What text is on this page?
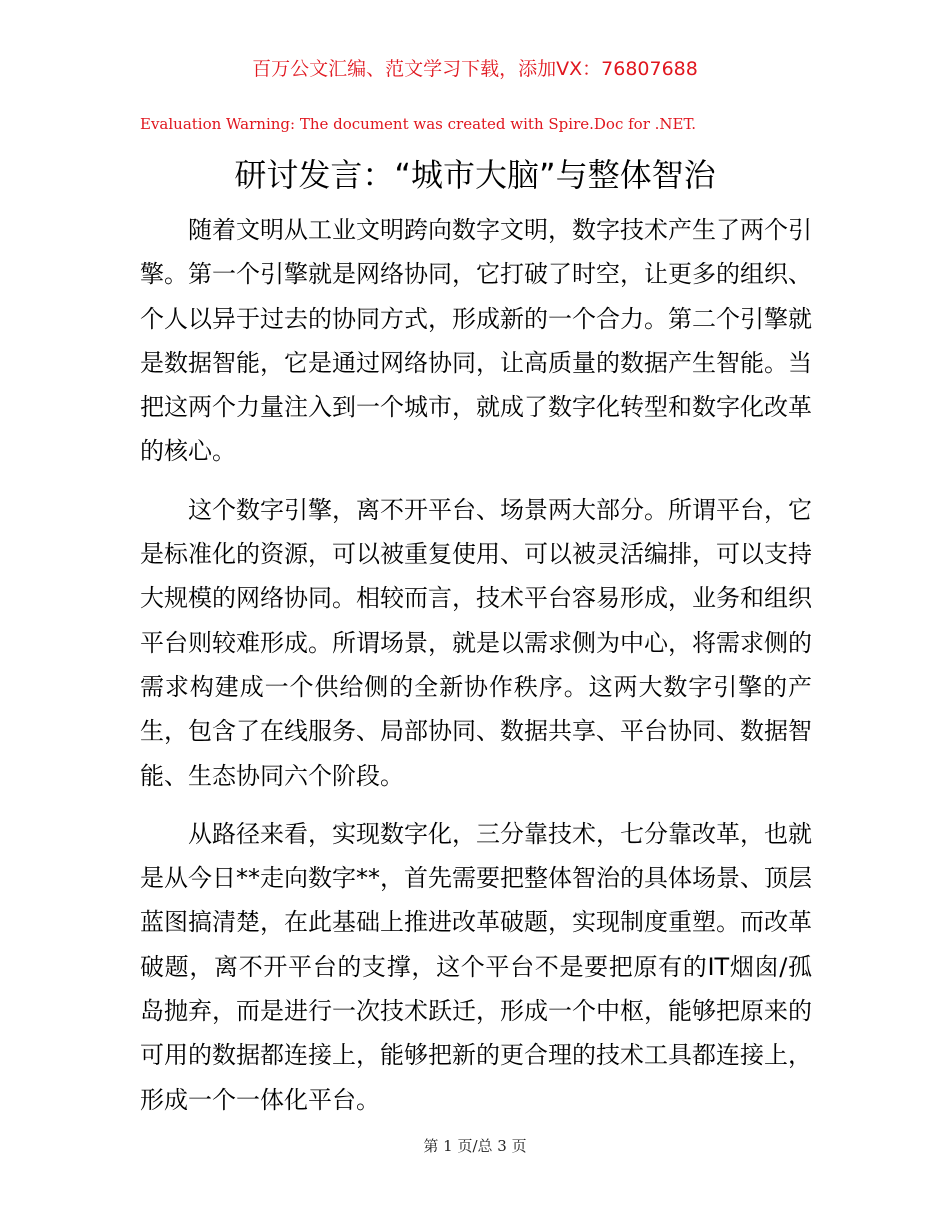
百万公文汇编、范文学习下载，添加VX：76807688
Evaluation Warning: The document was created with Spire.Doc for .NET.
研讨发言：“城市大脑”与整体智治

随着文明从工业文明跨向数字文明，数字技术产生了两个引擎。第一个引擎就是网络协同，它打破了时空，让更多的组织、个人以异于过去的协同方式，形成新的一个合力。第二个引擎就是数据智能，它是通过网络协同，让高质量的数据产生智能。当把这两个力量注入到一个城市，就成了数字化转型和数字化改革的核心。

这个数字引擎，离不开平台、场景两大部分。所谓平台，它是标准化的资源，可以被重复使用、可以被灵活编排，可以支持大规模的网络协同。相较而言，技术平台容易形成，业务和组织平台则较难形成。所谓场景，就是以需求侧为中心，将需求侧的需求构建成一个供给侧的全新协作秩序。这两大数字引擎的产生，包含了在线服务、局部协同、数据共享、平台协同、数据智能、生态协同六个阶段。

从路径来看，实现数字化，三分靠技术，七分靠改革，也就是从今日**走向数字**，首先需要把整体智治的具体场景、顶层蓝图搞清楚，在此基础上推进改革破题，实现制度重塑。而改革破题，离不开平台的支撑，这个平台不是要把原有的IT烟囱/孤岛抛弃，而是进行一次技术跃迁，形成一个中枢，能够把原来的可用的数据都连接上，能够把新的更合理的技术工具都连接上，形成一个一体化平台。

第 1 页/总 3 页
